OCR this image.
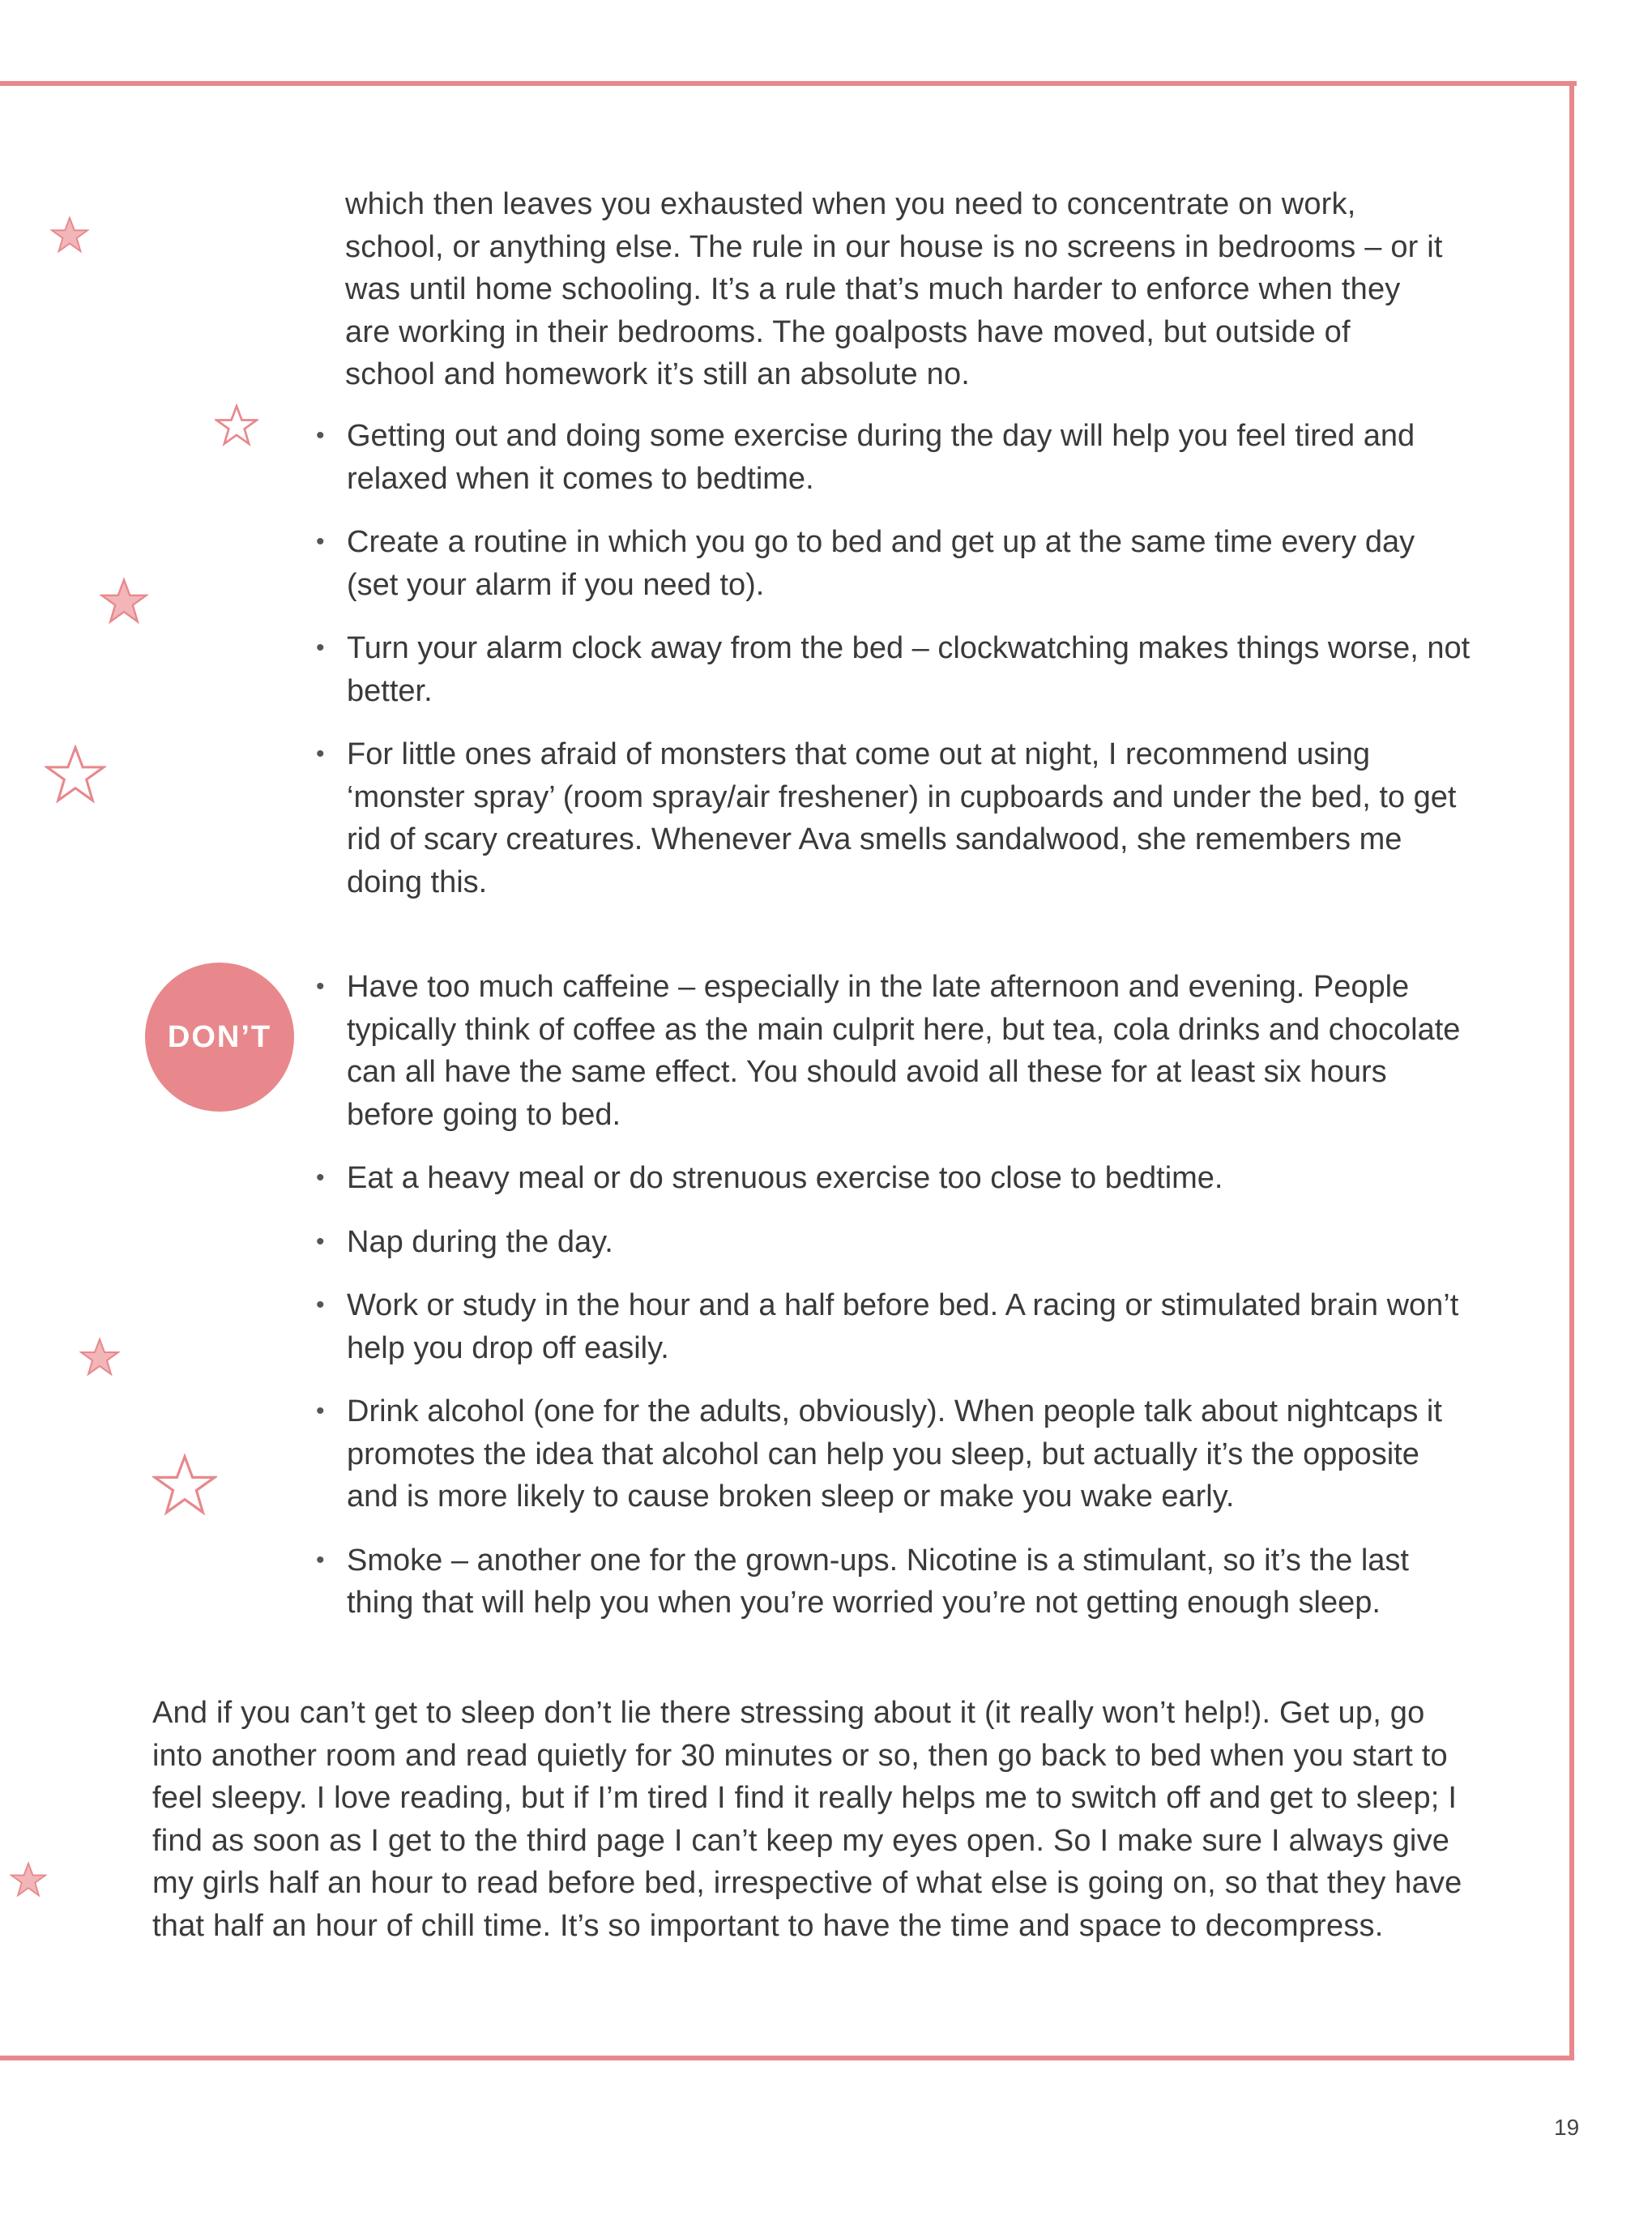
which then leaves you exhausted when you need to concentrate on work, school, or anything else. The rule in our house is no screens in bedrooms – or it was until home schooling. It’s a rule that’s much harder to enforce when they are working in their bedrooms. The goalposts have moved, but outside of school and homework it’s still an absolute no.

• Getting out and doing some exercise during the day will help you feel tired and relaxed when it comes to bedtime.
• Create a routine in which you go to bed and get up at the same time every day (set your alarm if you need to).
• Turn your alarm clock away from the bed – clockwatching makes things worse, not better.
• For little ones afraid of monsters that come out at night, I recommend using ‘monster spray’ (room spray/air freshener) in cupboards and under the bed, to get rid of scary creatures. Whenever Ava smells sandalwood, she remembers me doing this.
DON’T
• Have too much caffeine – especially in the late afternoon and evening. People typically think of coffee as the main culprit here, but tea, cola drinks and chocolate can all have the same effect. You should avoid all these for at least six hours before going to bed.
• Eat a heavy meal or do strenuous exercise too close to bedtime.
• Nap during the day.
• Work or study in the hour and a half before bed. A racing or stimulated brain won’t help you drop off easily.
• Drink alcohol (one for the adults, obviously). When people talk about nightcaps it promotes the idea that alcohol can help you sleep, but actually it’s the opposite and is more likely to cause broken sleep or make you wake early.
• Smoke – another one for the grown-ups. Nicotine is a stimulant, so it’s the last thing that will help you when you’re worried you’re not getting enough sleep.

And if you can’t get to sleep don’t lie there stressing about it (it really won’t help!). Get up, go into another room and read quietly for 30 minutes or so, then go back to bed when you start to feel sleepy. I love reading, but if I’m tired I find it really helps me to switch off and get to sleep; I find as soon as I get to the third page I can’t keep my eyes open. So I make sure I always give my girls half an hour to read before bed, irrespective of what else is going on, so that they have that half an hour of chill time. It’s so important to have the time and space to decompress.

19
